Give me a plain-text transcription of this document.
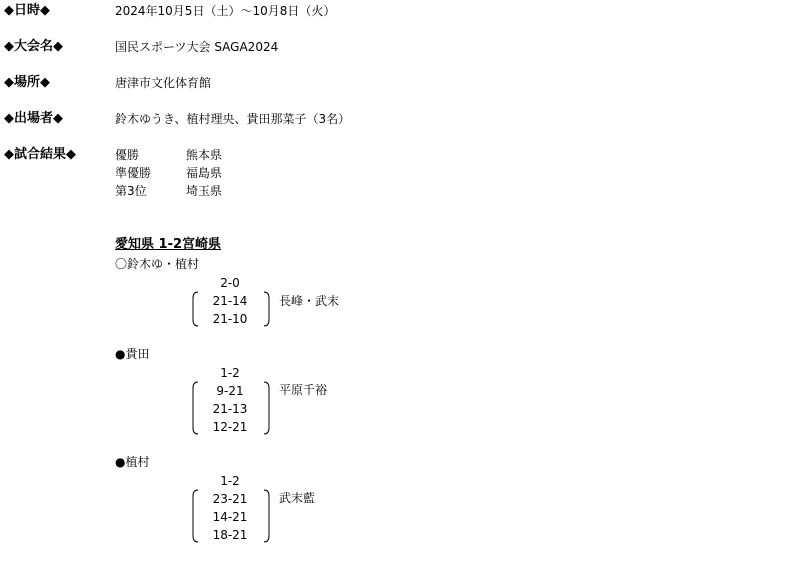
◆日時◆	2024年10月5日（土）～10月8日（火）
◆大会名◆	国民スポーツ大会 SAGA2024
◆場所◆	唐津市文化体育館
◆出場者◆	鈴木ゆうき、植村理央、貴田那菜子（3名）
◆試合結果◆	優勝	熊本県
準優勝	福島県
第3位	埼玉県
愛知県 1-2宮崎県
〇鈴木ゆ・植村
2-0
21-14
21-10
長峰・武末
●貴田
1-2
9-21
21-13
12-21
平原千裕
●植村
1-2
23-21
14-21
18-21
武末藍
